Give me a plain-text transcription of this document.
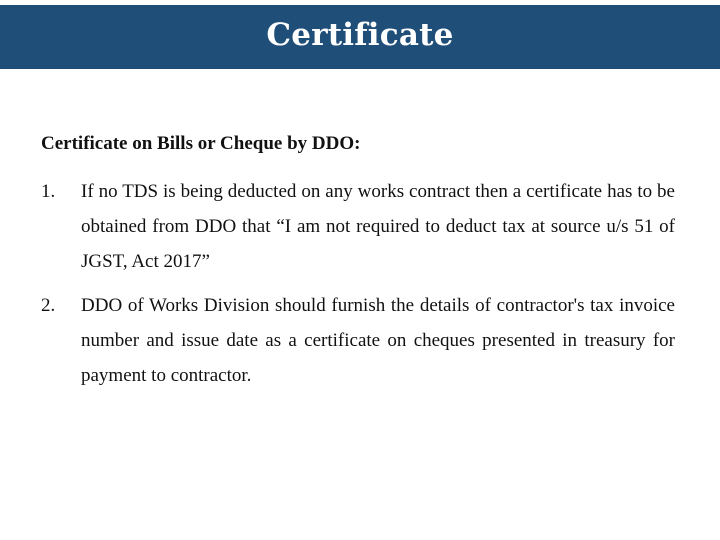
Certificate
Certificate on Bills or Cheque by DDO:
1. If no TDS is being deducted on any works contract then a certificate has to be obtained from DDO that “I am not required to deduct tax at source u/s 51 of JGST, Act 2017”
2. DDO of Works Division should furnish the details of contractor's tax invoice number and issue date as a certificate on cheques presented in treasury for payment to contractor.
